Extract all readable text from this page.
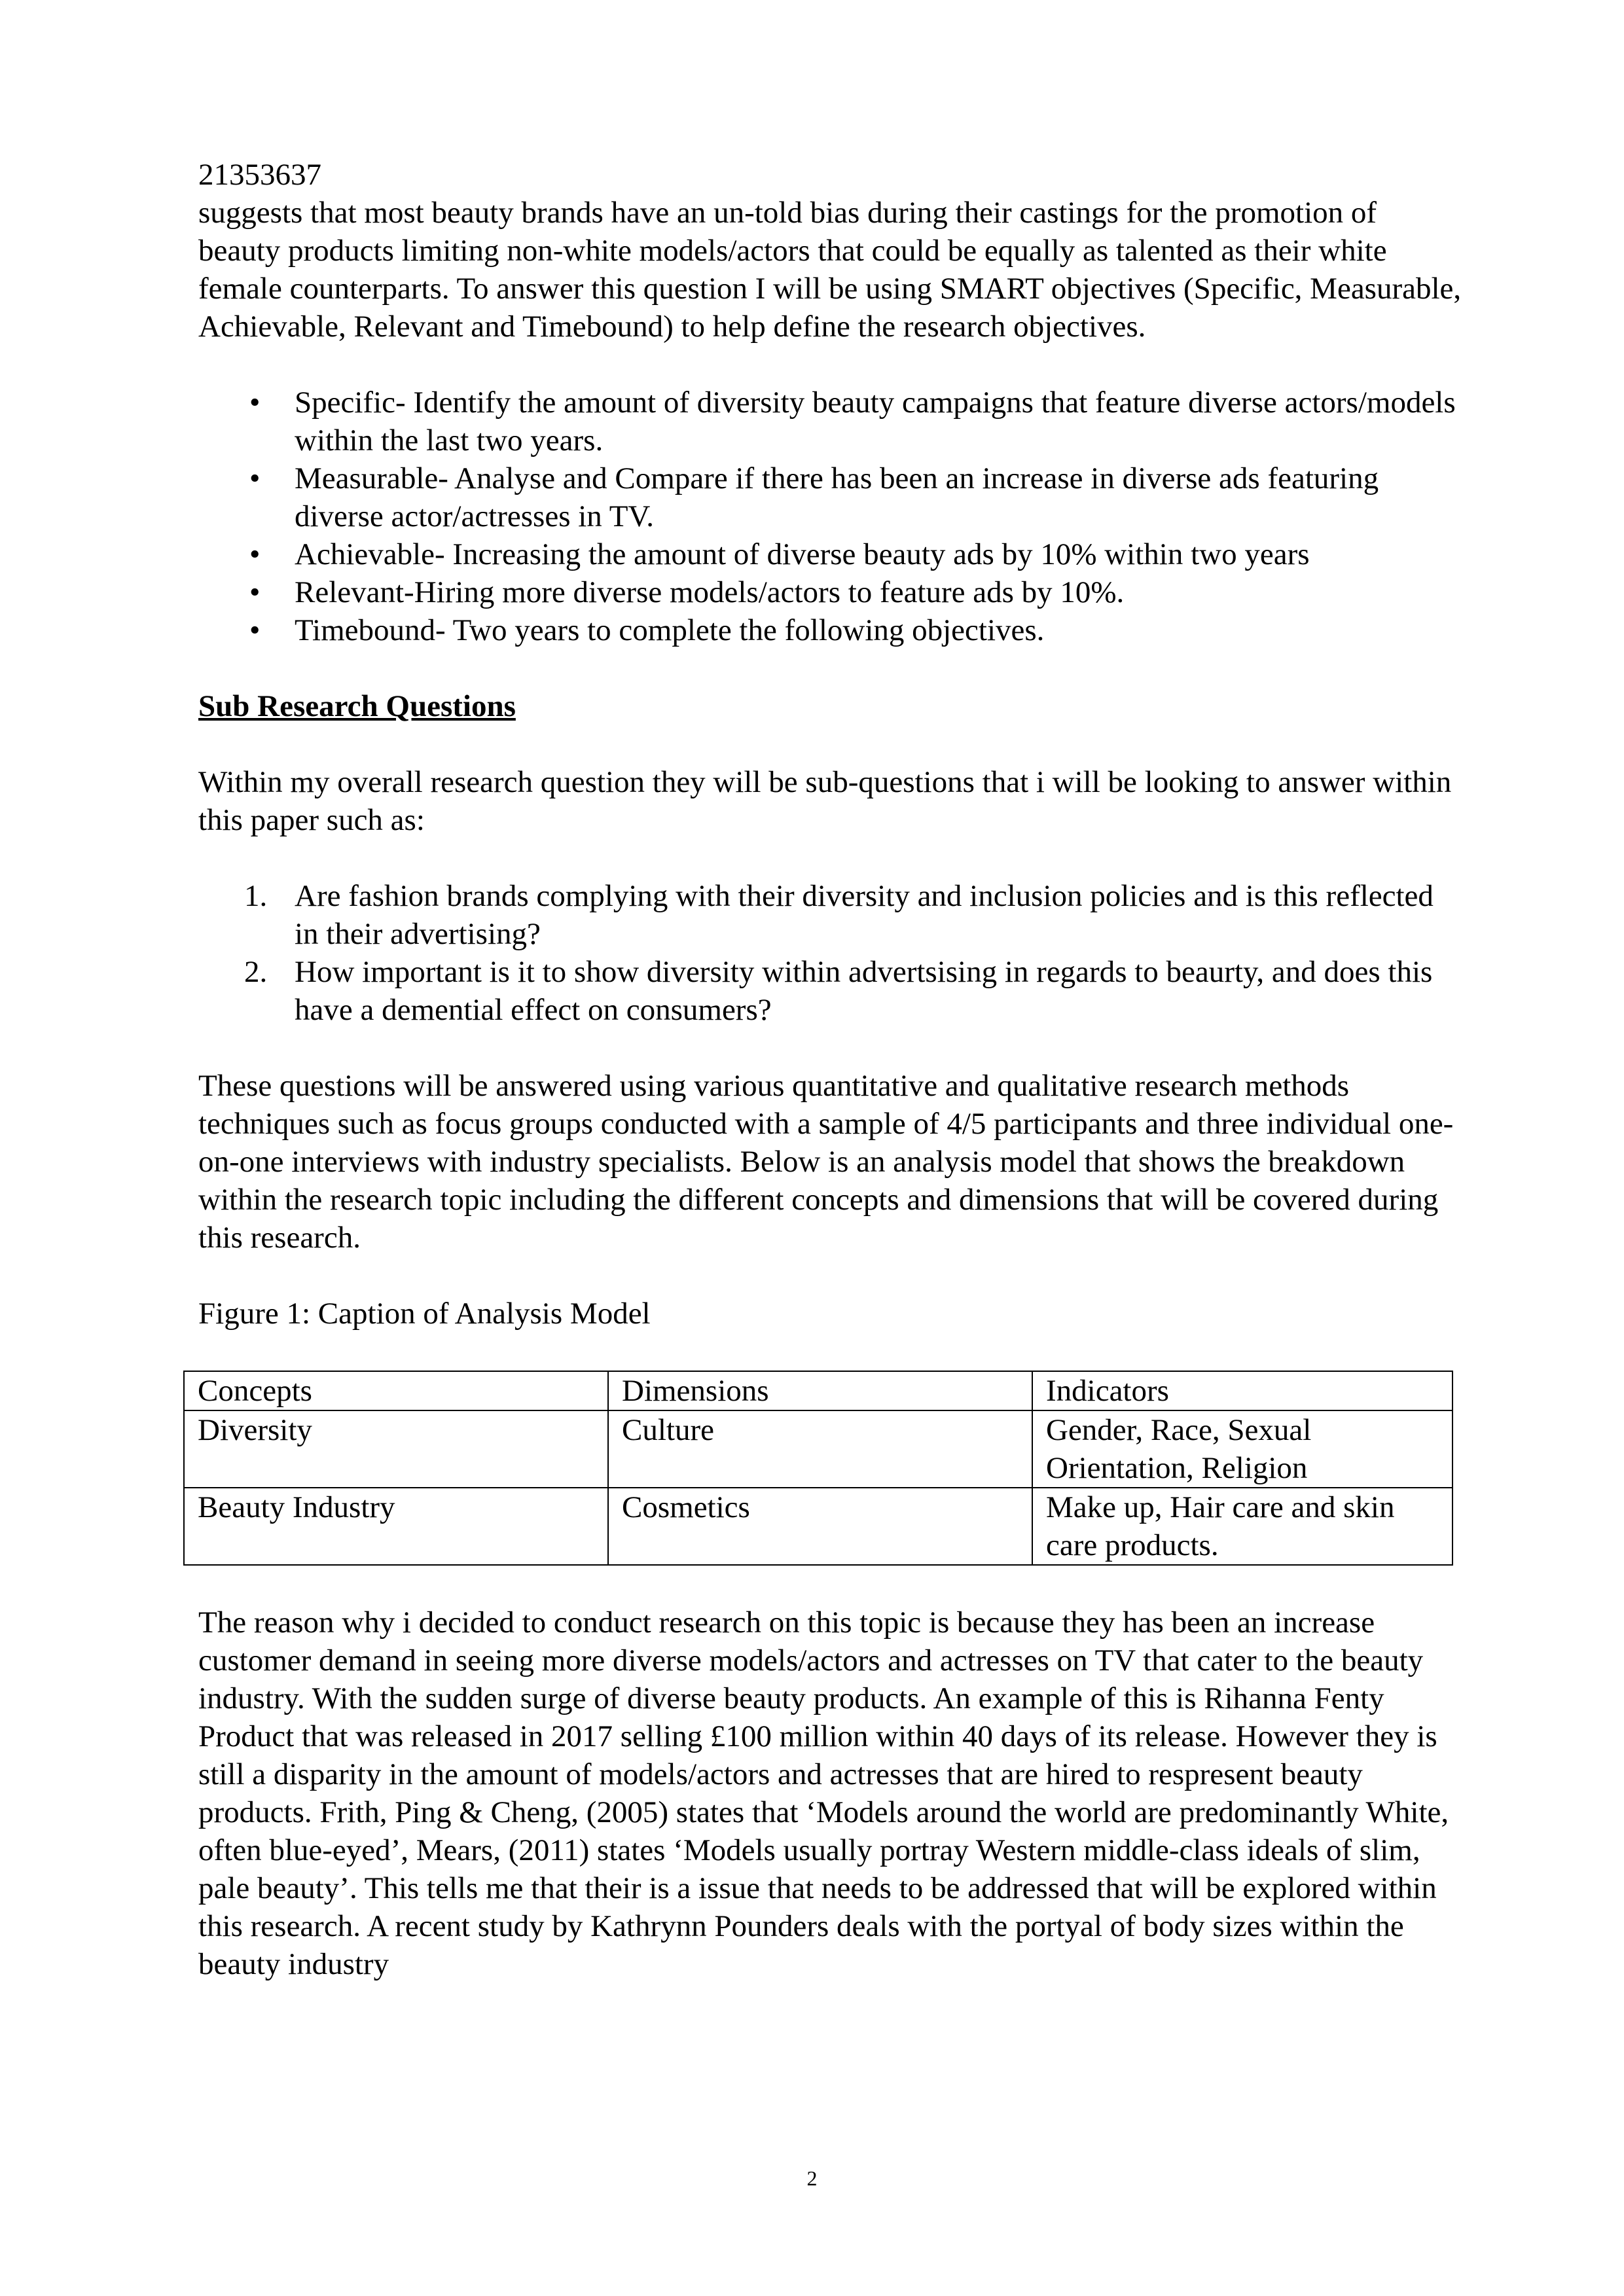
21353637

suggests that most beauty brands have an un-told bias during their castings for the promotion of beauty products limiting non-white models/actors that could be equally as talented as their white female counterparts. To answer this question I will be using SMART objectives (Specific, Measurable, Achievable, Relevant and Timebound) to help define the research objectives.

• Specific- Identify the amount of diversity beauty campaigns that feature diverse actors/models within the last two years.
• Measurable- Analyse and Compare if there has been an increase in diverse ads featuring diverse actor/actresses in TV.
• Achievable- Increasing the amount of diverse beauty ads by 10% within two years
• Relevant-Hiring more diverse models/actors to feature ads by 10%.
• Timebound- Two years to complete the following objectives.

Sub Research Questions

Within my overall research question they will be sub-questions that i will be looking to answer within this paper such as:

1. Are fashion brands complying with their diversity and inclusion policies and is this reflected in their advertising?
2. How important is it to show diversity within advertsising in regards to beaurty, and does this have a demential effect on consumers?

These questions will be answered using various quantitative and qualitative research methods techniques such as focus groups conducted with a sample of 4/5 participants and three individual one-on-one interviews with industry specialists. Below is an analysis model that shows the breakdown within the research topic including the different concepts and dimensions that will be covered during this research.

Figure 1: Caption of Analysis Model

Concepts	Dimensions	Indicators
Diversity	Culture	Gender, Race, Sexual Orientation, Religion
Beauty Industry	Cosmetics	Make up, Hair care and skin care products.

The reason why i decided to conduct research on this topic is because they has been an increase customer demand in seeing more diverse models/actors and actresses on TV that cater to the beauty industry. With the sudden surge of diverse beauty products. An example of this is Rihanna Fenty Product that was released in 2017 selling £100 million within 40 days of its release. However they is still a disparity in the amount of models/actors and actresses that are hired to respresent beauty products. Frith, Ping & Cheng, (2005) states that ‘Models around the world are predominantly White, often blue-eyed’, Mears, (2011) states ‘Models usually portray Western middle-class ideals of slim, pale beauty’. This tells me that their is a issue that needs to be addressed that will be explored within this research. A recent study by Kathrynn Pounders deals with the portyal of body sizes within the beauty industry

2
